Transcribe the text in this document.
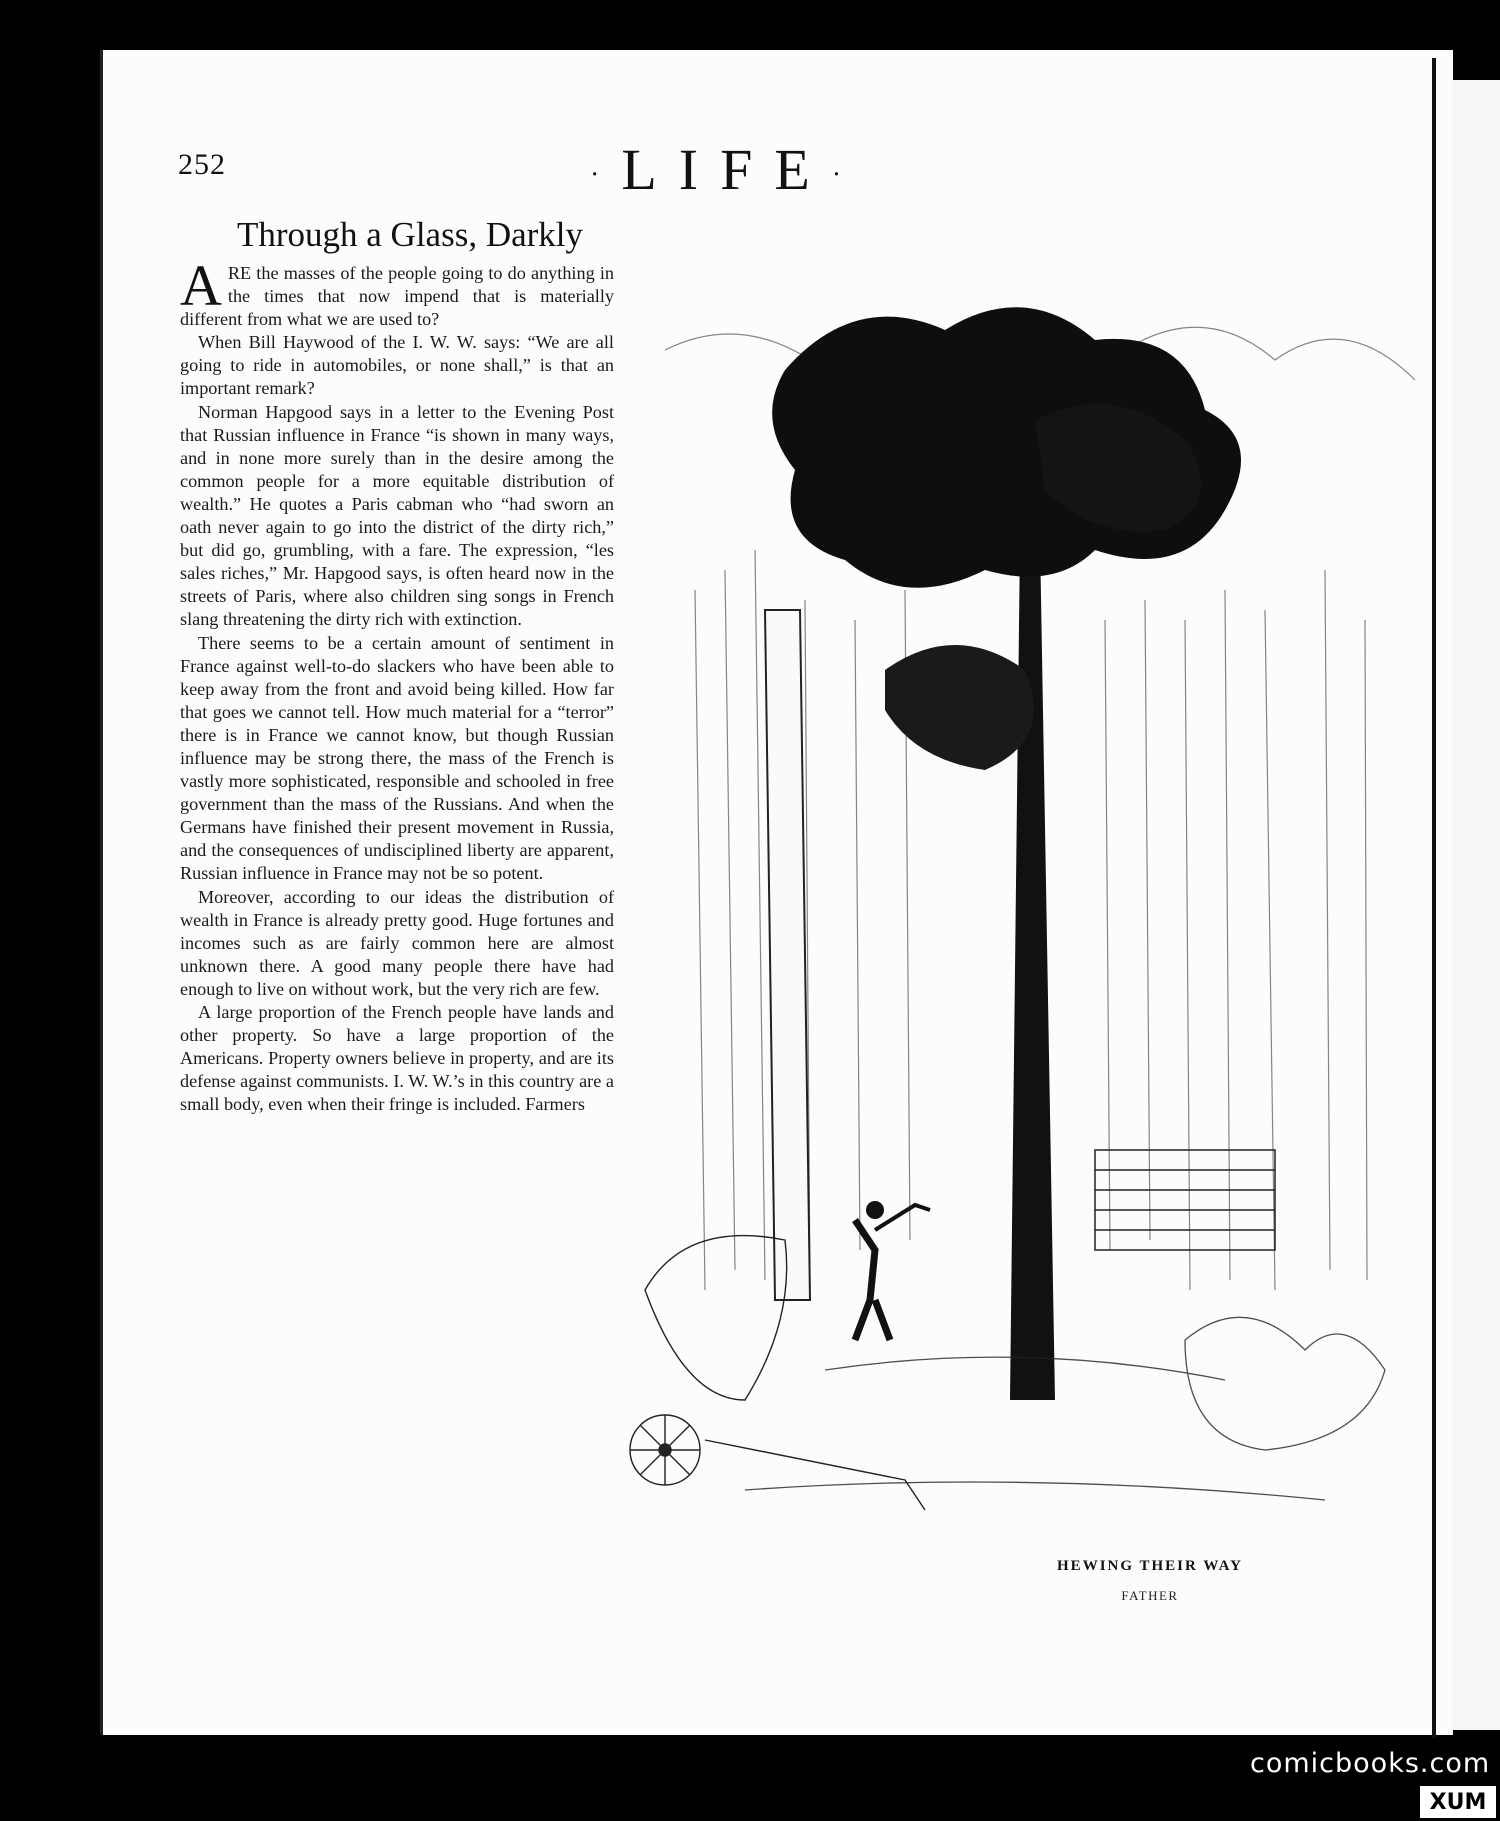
252	·LIFE·
Through a Glass, Darkly

ARE the masses of the people going to do anything in the times that now impend that is materially different from what we are used to?

When Bill Haywood of the I. W. W. says: “We are all going to ride in automobiles, or none shall,” is that an important remark?

Norman Hapgood says in a letter to the Evening Post that Russian influence in France “is shown in many ways, and in none more surely than in the desire among the common people for a more equitable distribution of wealth.” He quotes a Paris cabman who “had sworn an oath never again to go into the district of the dirty rich,” but did go, grumbling, with a fare. The expression, “les sales riches,” Mr. Hapgood says, is often heard now in the streets of Paris, where also children sing songs in French slang threatening the dirty rich with extinction.

There seems to be a certain amount of sentiment in France against well-to-do slackers who have been able to keep away from the front and avoid being killed. How far that goes we cannot tell. How much material for a “terror” there is in France we cannot know, but though Russian influence may be strong there, the mass of the French is vastly more sophisticated, responsible and schooled in free government than the mass of the Russians. And when the Germans have finished their present movement in Russia, and the consequences of undisciplined liberty are apparent, Russian influence in France may not be so potent.

Moreover, according to our ideas the distribution of wealth in France is already pretty good. Huge fortunes and incomes such as are fairly common here are almost unknown there. A good many people there have had enough to live on without work, but the very rich are few.

A large proportion of the French people have lands and other property. So have a large proportion of the Americans. Property owners believe in property, and are its defense against communists. I. W. W.’s in this country are a small body, even when their fringe is included. Farmers

HEWING THEIR WAY
FATHER
comicbooks.com
XUM
